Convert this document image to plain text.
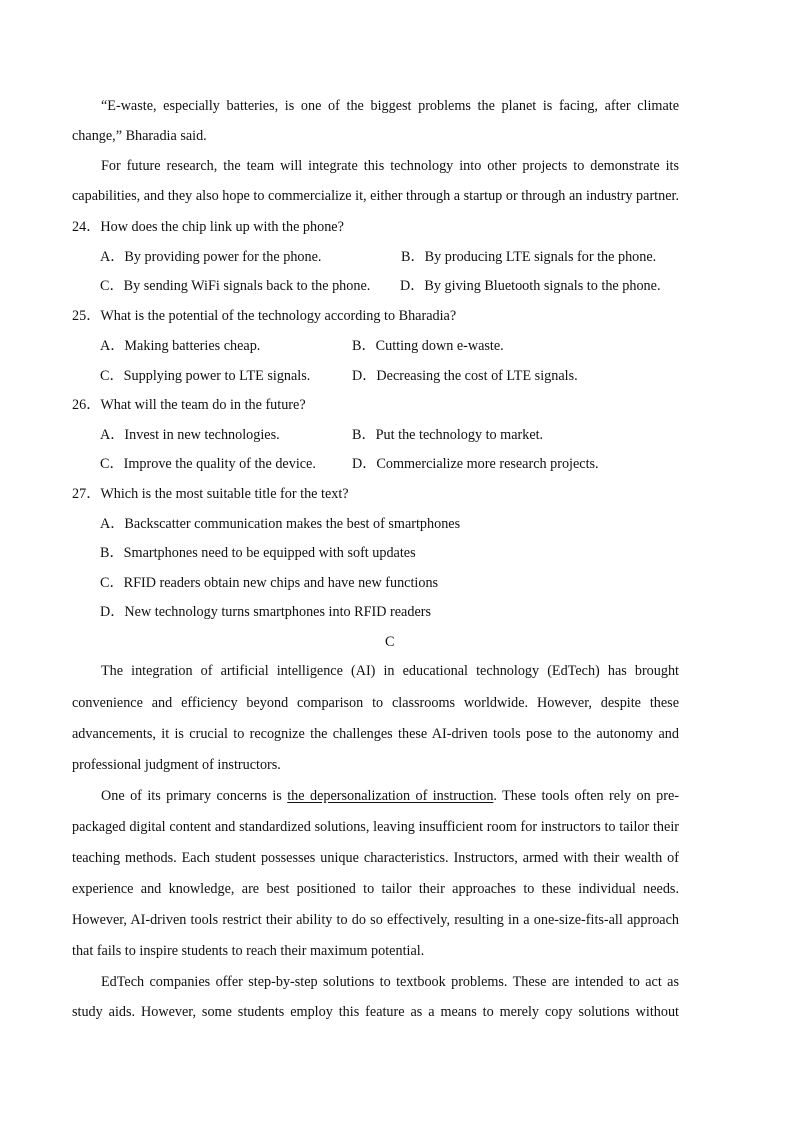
“E-waste, especially batteries, is one of the biggest problems the planet is facing, after climate
change,” Bharadia said.
For future research, the team will integrate this technology into other projects to demonstrate its
capabilities, and they also hope to commercialize it, either through a startup or through an industry partner.
24．How does the chip link up with the phone?
A．By providing power for the phone.	B．By producing LTE signals for the phone.
C．By sending WiFi signals back to the phone. D．By giving Bluetooth signals to the phone.
25．What is the potential of the technology according to Bharadia?
A．Making batteries cheap.	B．Cutting down e-waste.
C．Supplying power to LTE signals.	D．Decreasing the cost of LTE signals.
26．What will the team do in the future?
A．Invest in new technologies.	B．Put the technology to market.
C．Improve the quality of the device.	D．Commercialize more research projects.
27．Which is the most suitable title for the text?
A．Backscatter communication makes the best of smartphones
B．Smartphones need to be equipped with soft updates
C．RFID readers obtain new chips and have new functions
D．New technology turns smartphones into RFID readers
C
The integration of artificial intelligence (AI) in educational technology (EdTech) has brought
convenience and efficiency beyond comparison to classrooms worldwide. However, despite these
advancements, it is crucial to recognize the challenges these AI-driven tools pose to the autonomy and
professional judgment of instructors.
One of its primary concerns is the depersonalization of instruction. These tools often rely on pre-
packaged digital content and standardized solutions, leaving insufficient room for instructors to tailor their
teaching methods. Each student possesses unique characteristics. Instructors, armed with their wealth of
experience and knowledge, are best positioned to tailor their approaches to these individual needs.
However, AI-driven tools restrict their ability to do so effectively, resulting in a one-size-fits-all approach
that fails to inspire students to reach their maximum potential.
EdTech companies offer step-by-step solutions to textbook problems. These are intended to act as
study aids. However, some students employ this feature as a means to merely copy solutions without
